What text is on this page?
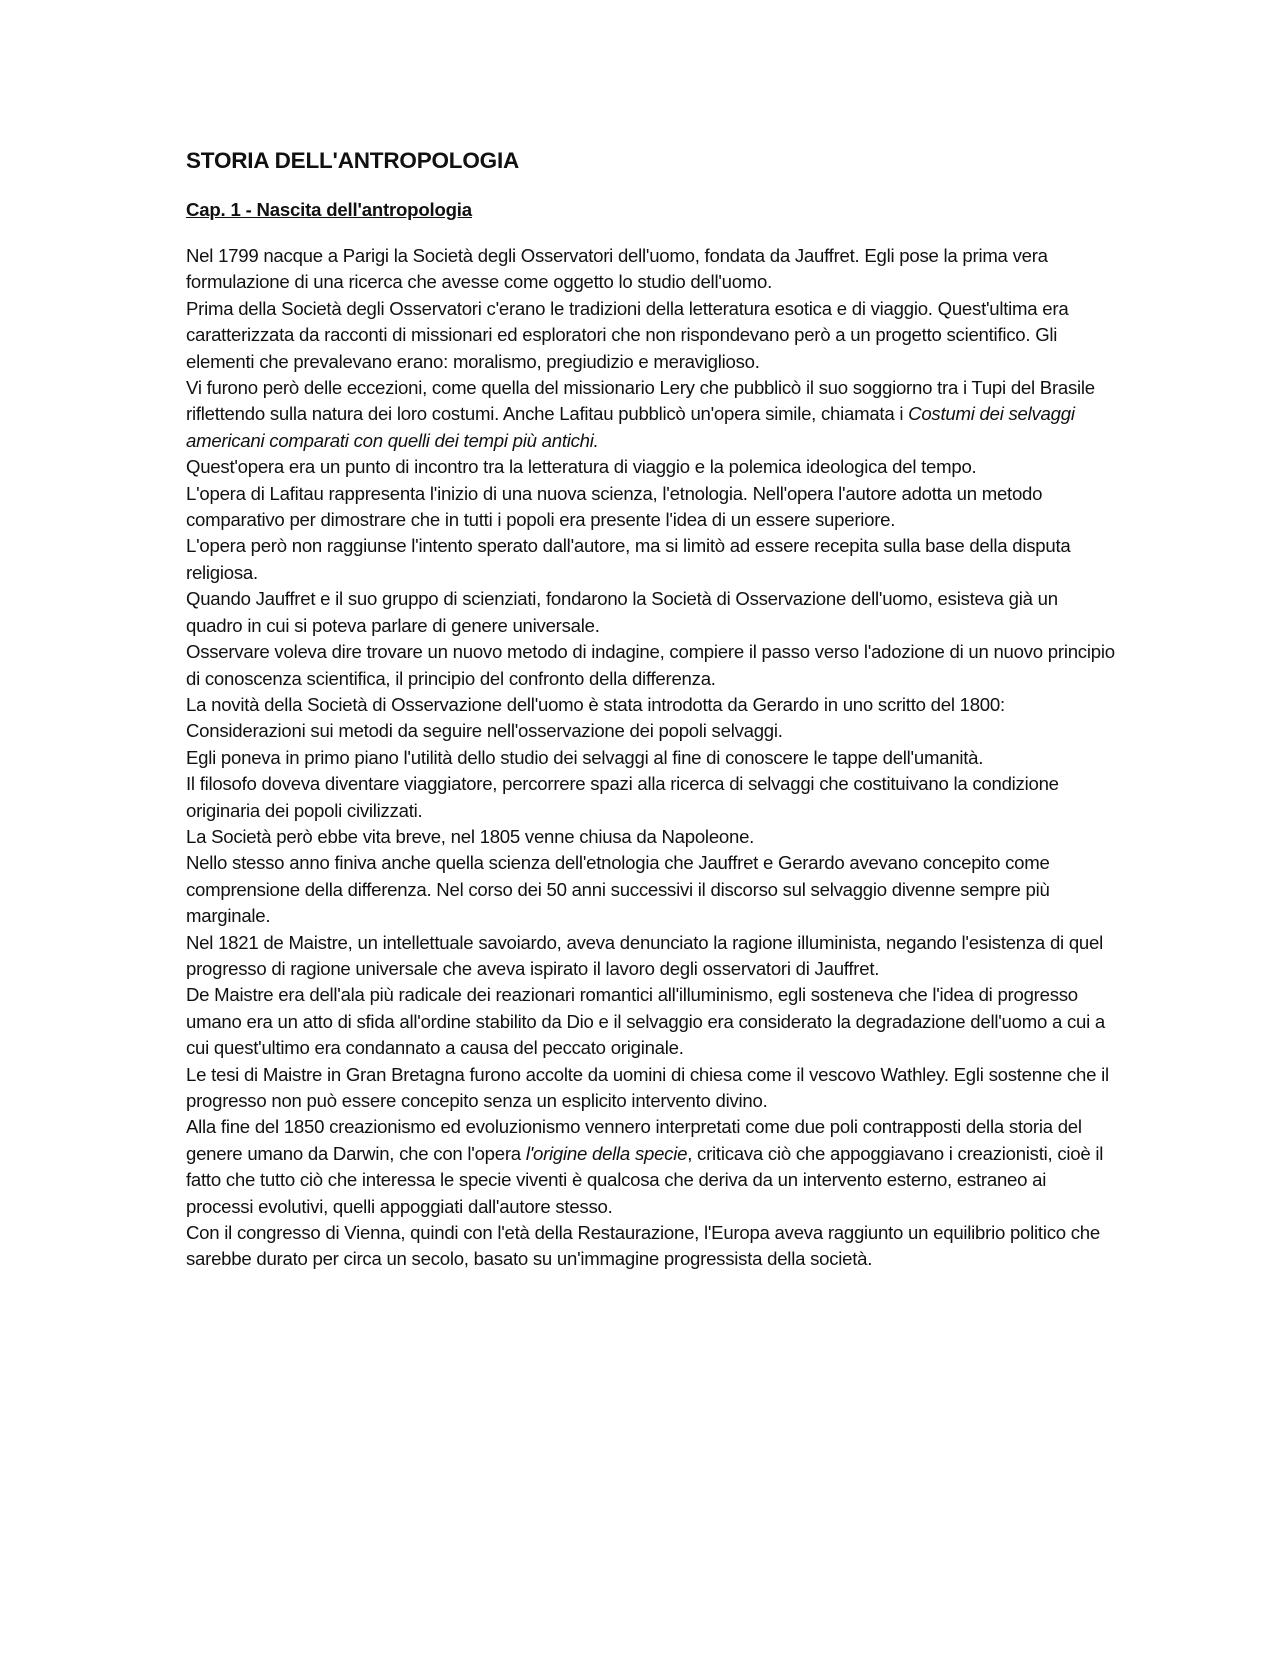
STORIA DELL'ANTROPOLOGIA
Cap. 1 - Nascita dell'antropologia

Nel 1799 nacque a Parigi la Società degli Osservatori dell'uomo, fondata da Jauffret. Egli pose la prima vera formulazione di una ricerca che avesse come oggetto lo studio dell'uomo.

Prima della Società degli Osservatori c'erano le tradizioni della letteratura esotica e di viaggio. Quest'ultima era caratterizzata da racconti di missionari ed esploratori che non rispondevano però a un progetto scientifico. Gli elementi che prevalevano erano: moralismo, pregiudizio e meraviglioso.

Vi furono però delle eccezioni, come quella del missionario Lery che pubblicò il suo soggiorno tra i Tupi del Brasile riflettendo sulla natura dei loro costumi. Anche Lafitau pubblicò un'opera simile, chiamata i Costumi dei selvaggi americani comparati con quelli dei tempi più antichi.

Quest'opera era un punto di incontro tra la letteratura di viaggio e la polemica ideologica del tempo.

L'opera di Lafitau rappresenta l'inizio di una nuova scienza, l'etnologia. Nell'opera l'autore adotta un metodo comparativo per dimostrare che in tutti i popoli era presente l'idea di un essere superiore.

L'opera però non raggiunse l'intento sperato dall'autore, ma si limitò ad essere recepita sulla base della disputa religiosa.

Quando Jauffret e il suo gruppo di scienziati, fondarono la Società di Osservazione dell'uomo, esisteva già un quadro in cui si poteva parlare di genere universale.

Osservare voleva dire trovare un nuovo metodo di indagine, compiere il passo verso l'adozione di un nuovo principio di conoscenza scientifica, il principio del confronto della differenza.

La novità della Società di Osservazione dell'uomo è stata introdotta da Gerardo in uno scritto del 1800: Considerazioni sui metodi da seguire nell'osservazione dei popoli selvaggi.

Egli poneva in primo piano l'utilità dello studio dei selvaggi al fine di conoscere le tappe dell'umanità.

Il filosofo doveva diventare viaggiatore, percorrere spazi alla ricerca di selvaggi che costituivano la condizione originaria dei popoli civilizzati.

La Società però ebbe vita breve, nel 1805 venne chiusa da Napoleone.

Nello stesso anno finiva anche quella scienza dell'etnologia che Jauffret e Gerardo avevano concepito come comprensione della differenza. Nel corso dei 50 anni successivi il discorso sul selvaggio divenne sempre più marginale.

Nel 1821 de Maistre, un intellettuale savoiardo, aveva denunciato la ragione illuminista, negando l'esistenza di quel progresso di ragione universale che aveva ispirato il lavoro degli osservatori di Jauffret.

De Maistre era dell'ala più radicale dei reazionari romantici all'illuminismo, egli sosteneva che l'idea di progresso umano era un atto di sfida all'ordine stabilito da Dio e il selvaggio era considerato la degradazione dell'uomo a cui a cui quest'ultimo era condannato a causa del peccato originale.

Le tesi di Maistre in Gran Bretagna furono accolte da uomini di chiesa come il vescovo Wathley. Egli sostenne che il progresso non può essere concepito senza un esplicito intervento divino.

Alla fine del 1850 creazionismo ed evoluzionismo vennero interpretati come due poli contrapposti della storia del genere umano da Darwin, che con l'opera l'origine della specie, criticava ciò che appoggiavano i creazionisti, cioè il fatto che tutto ciò che interessa le specie viventi è qualcosa che deriva da un intervento esterno, estraneo ai processi evolutivi, quelli appoggiati dall'autore stesso.

Con il congresso di Vienna, quindi con l'età della Restaurazione, l'Europa aveva raggiunto un equilibrio politico che sarebbe durato per circa un secolo, basato su un'immagine progressista della società.
